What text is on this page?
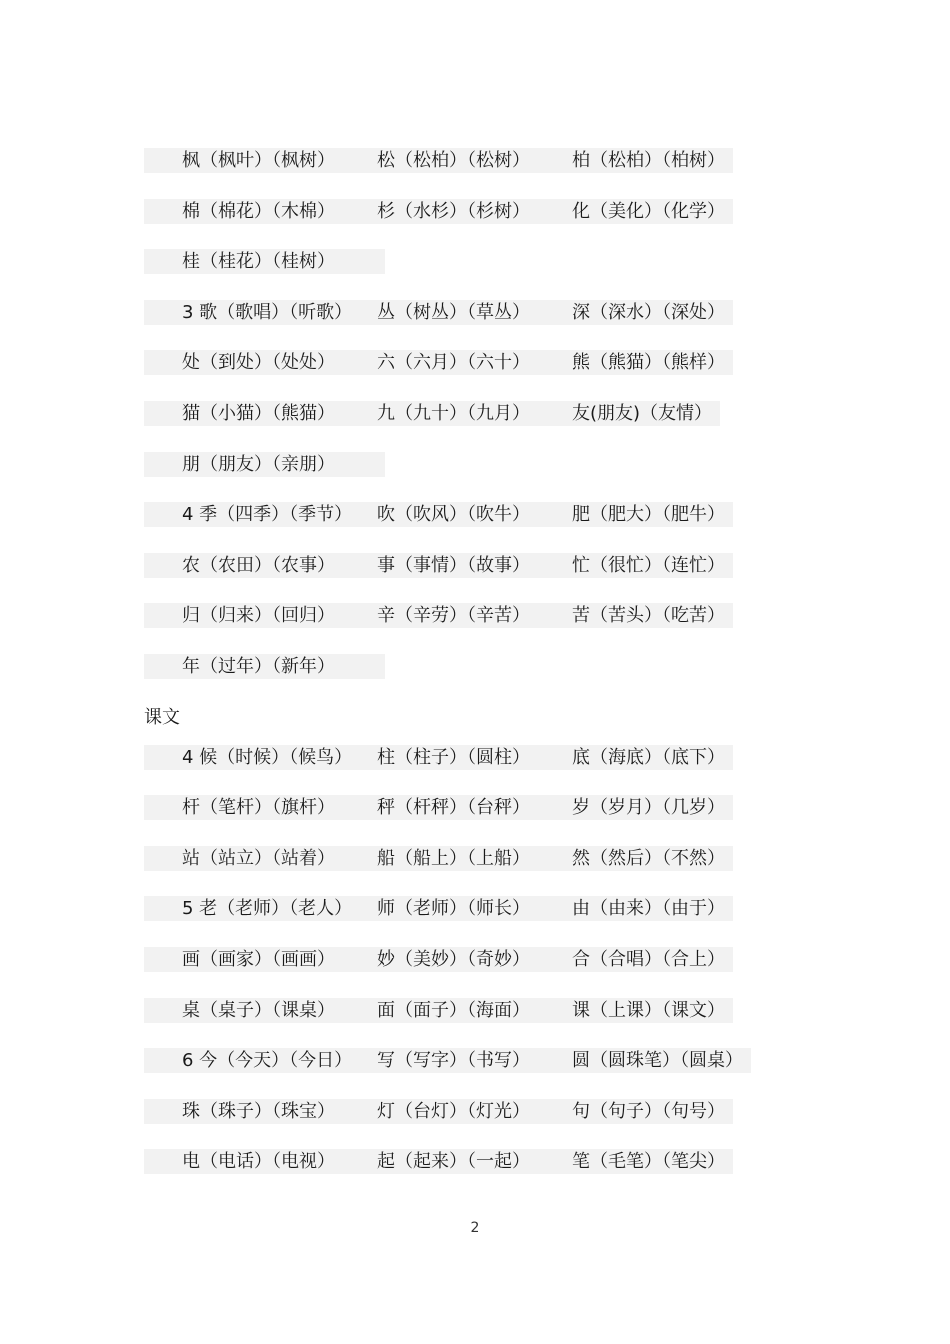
枫（枫叶）（枫树） 松（松柏）（松树） 柏（松柏）（柏树）
棉（棉花）（木棉） 杉（水杉）（杉树） 化（美化）（化学）
桂（桂花）（桂树）
3 歌（歌唱）（听歌） 丛（树丛）（草丛） 深（深水）（深处）
处（到处）（处处） 六（六月）（六十） 熊（熊猫）（熊样）
猫（小猫）（熊猫） 九（九十）（九月） 友(朋友)（友情）
朋（朋友）（亲朋）
4 季（四季）（季节） 吹（吹风）（吹牛） 肥（肥大）（肥牛）
农（农田）（农事） 事（事情）（故事） 忙（很忙）（连忙）
归（归来）（回归） 辛（辛劳）（辛苦） 苦（苦头）（吃苦）
年（过年）（新年）
课文
4 候（时候）（候鸟） 柱（柱子）（圆柱） 底（海底）（底下）
杆（笔杆）（旗杆） 秤（杆秤）（台秤） 岁（岁月）（几岁）
站（站立）（站着） 船（船上）（上船） 然（然后）（不然）
5 老（老师）（老人） 师（老师）（师长） 由（由来）（由于）
画（画家）（画画） 妙（美妙）（奇妙） 合（合唱）（合上）
桌（桌子）（课桌） 面（面子）（海面） 课（上课）（课文）
6 今（今天）（今日） 写（写字）（书写） 圆（圆珠笔）（圆桌）
珠（珠子）（珠宝） 灯（台灯）（灯光） 句（句子）（句号）
电（电话）（电视） 起（起来）（一起） 笔（毛笔）（笔尖）
2
